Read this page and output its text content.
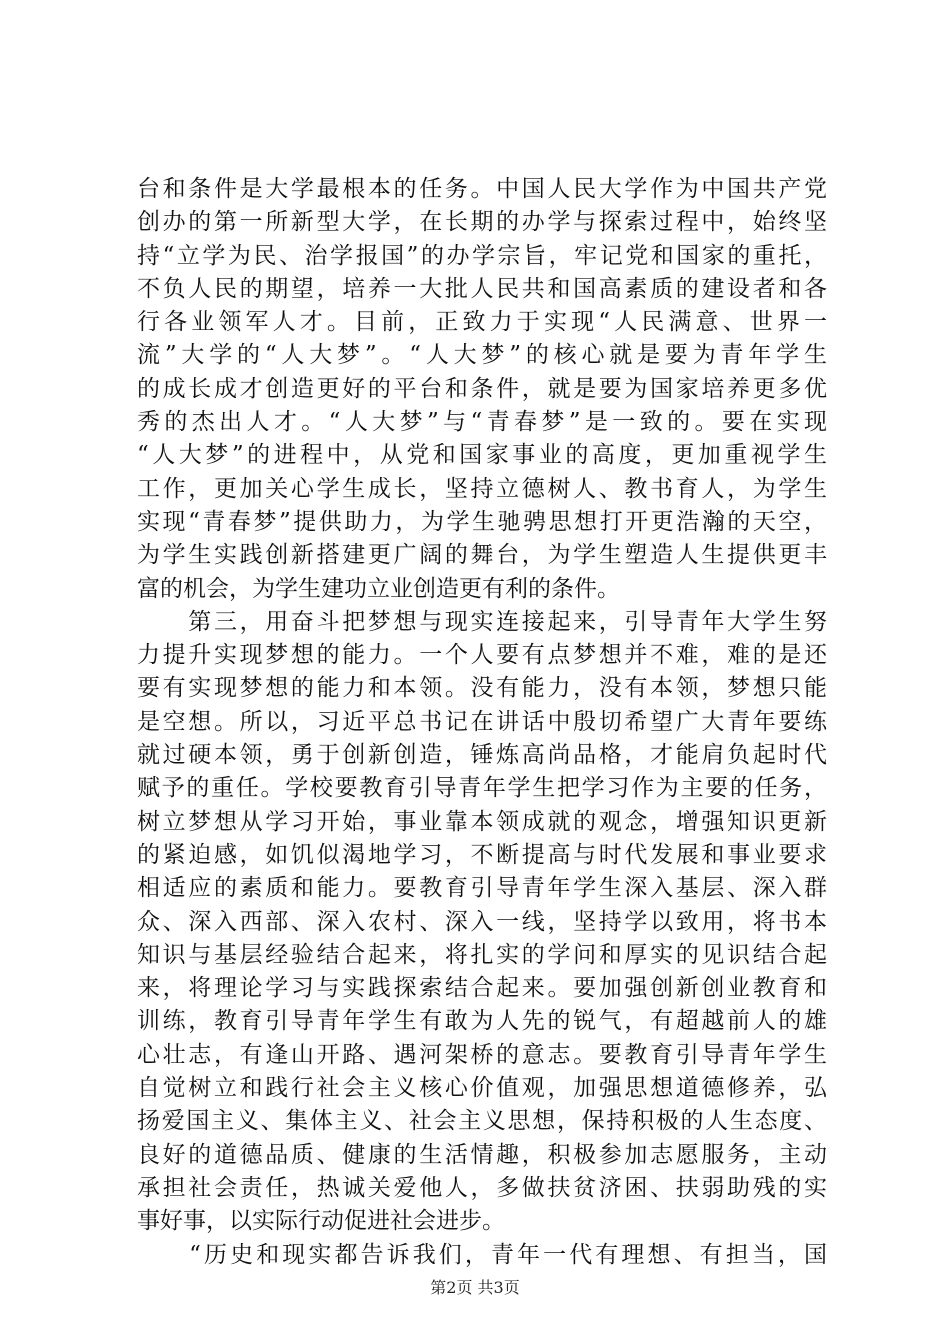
台和条件是大学最根本的任务。中国人民大学作为中国共产党
创办的第一所新型大学，在长期的办学与探索过程中，始终坚
持“立学为民、治学报国”的办学宗旨，牢记党和国家的重托，
不负人民的期望，培养一大批人民共和国高素质的建设者和各
行各业领军人才。目前，正致力于实现“人民满意、世界一
流”大学的“人大梦”。“人大梦”的核心就是要为青年学生
的成长成才创造更好的平台和条件，就是要为国家培养更多优
秀的杰出人才。“人大梦”与“青春梦”是一致的。要在实现
“人大梦”的进程中，从党和国家事业的高度，更加重视学生
工作，更加关心学生成长，坚持立德树人、教书育人，为学生
实现“青春梦”提供助力，为学生驰骋思想打开更浩瀚的天空，
为学生实践创新搭建更广阔的舞台，为学生塑造人生提供更丰
富的机会，为学生建功立业创造更有利的条件。
　　第三，用奋斗把梦想与现实连接起来，引导青年大学生努
力提升实现梦想的能力。一个人要有点梦想并不难，难的是还
要有实现梦想的能力和本领。没有能力，没有本领，梦想只能
是空想。所以，习近平总书记在讲话中殷切希望广大青年要练
就过硬本领，勇于创新创造，锤炼高尚品格，才能肩负起时代
赋予的重任。学校要教育引导青年学生把学习作为主要的任务，
树立梦想从学习开始，事业靠本领成就的观念，增强知识更新
的紧迫感，如饥似渴地学习，不断提高与时代发展和事业要求
相适应的素质和能力。要教育引导青年学生深入基层、深入群
众、深入西部、深入农村、深入一线，坚持学以致用，将书本
知识与基层经验结合起来，将扎实的学问和厚实的见识结合起
来，将理论学习与实践探索结合起来。要加强创新创业教育和
训练，教育引导青年学生有敢为人先的锐气，有超越前人的雄
心壮志，有逢山开路、遇河架桥的意志。要教育引导青年学生
自觉树立和践行社会主义核心价值观，加强思想道德修养，弘
扬爱国主义、集体主义、社会主义思想，保持积极的人生态度、
良好的道德品质、健康的生活情趣，积极参加志愿服务，主动
承担社会责任，热诚关爱他人，多做扶贫济困、扶弱助残的实
事好事，以实际行动促进社会进步。
　　“历史和现实都告诉我们，青年一代有理想、有担当，国
第2页 共3页
